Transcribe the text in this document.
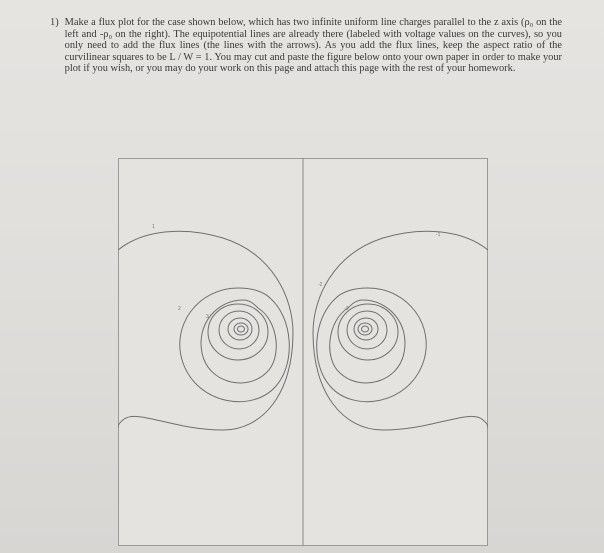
1) Make a flux plot for the case shown below, which has two infinite uniform line charges parallel to the z axis (ρ₀ on the left and -ρ₀ on the right). The equipotential lines are already there (labeled with voltage values on the curves), so you only need to add the flux lines (the lines with the arrows). As you add the flux lines, keep the aspect ratio of the curvilinear squares to be L / W = 1. You may cut and paste the figure below onto your own paper in order to make your plot if you wish, or you may do your work on this page and attach this page with the rest of your homework.
1
2
3
-1
-2
-3
